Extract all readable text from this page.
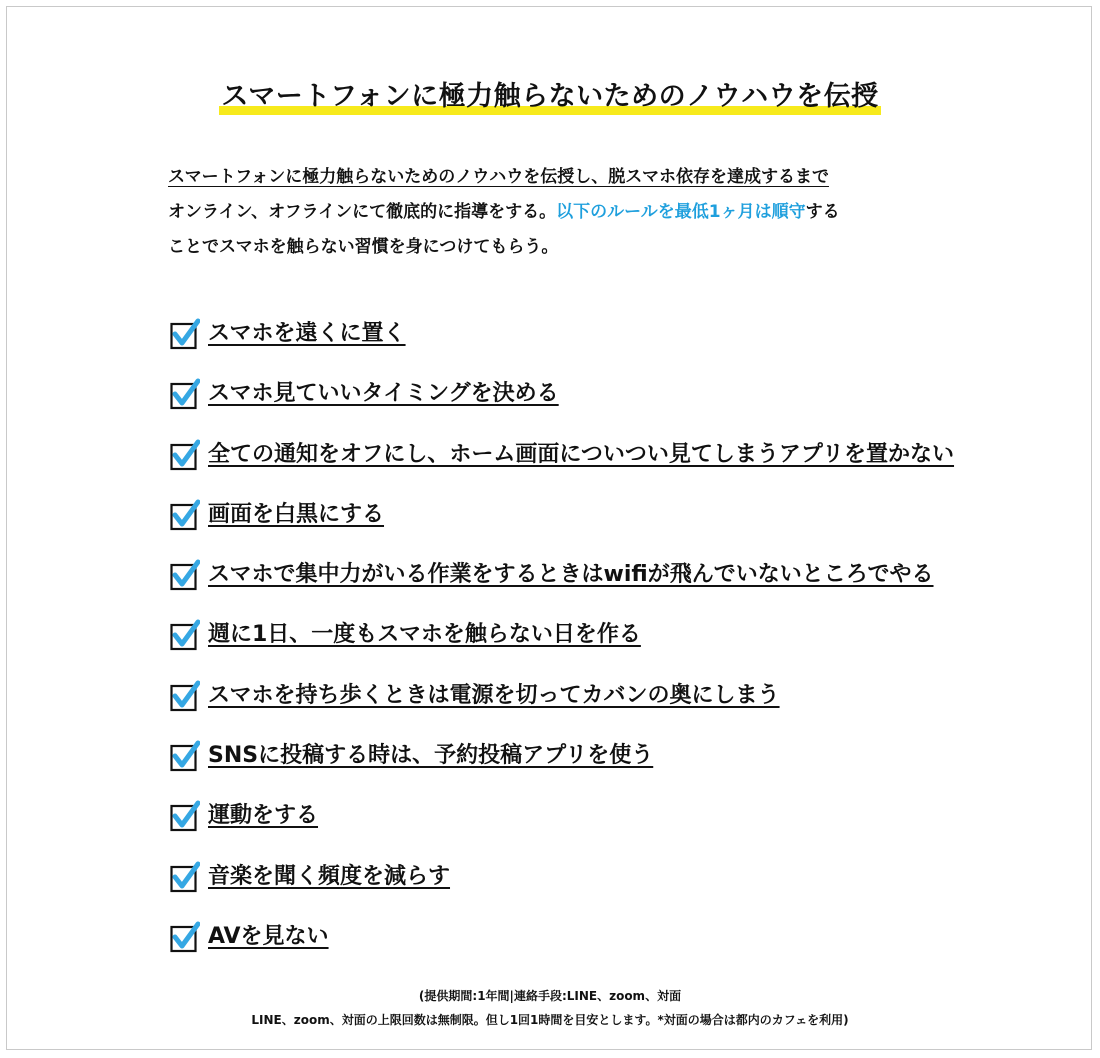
スマートフォンに極力触らないためのノウハウを伝授
スマートフォンに極力触らないためのノウハウを伝授し、脱スマホ依存を達成するまで
オンライン、オフラインにて徹底的に指導をする。以下のルールを最低1ヶ月は順守する
ことでスマホを触らない習慣を身につけてもらう。
スマホを遠くに置く
スマホ見ていいタイミングを決める
全ての通知をオフにし、ホーム画面についつい見てしまうアプリを置かない
画面を白黒にする
スマホで集中力がいる作業をするときはwifiが飛んでいないところでやる
週に1日、一度もスマホを触らない日を作る
スマホを持ち歩くときは電源を切ってカバンの奥にしまう
SNSに投稿する時は、予約投稿アプリを使う
運動をする
音楽を聞く頻度を減らす
AVを見ない
(提供期間:1年間|連絡手段:LINE、zoom、対面
LINE、zoom、対面の上限回数は無制限。但し1回1時間を目安とします。*対面の場合は都内のカフェを利用)
